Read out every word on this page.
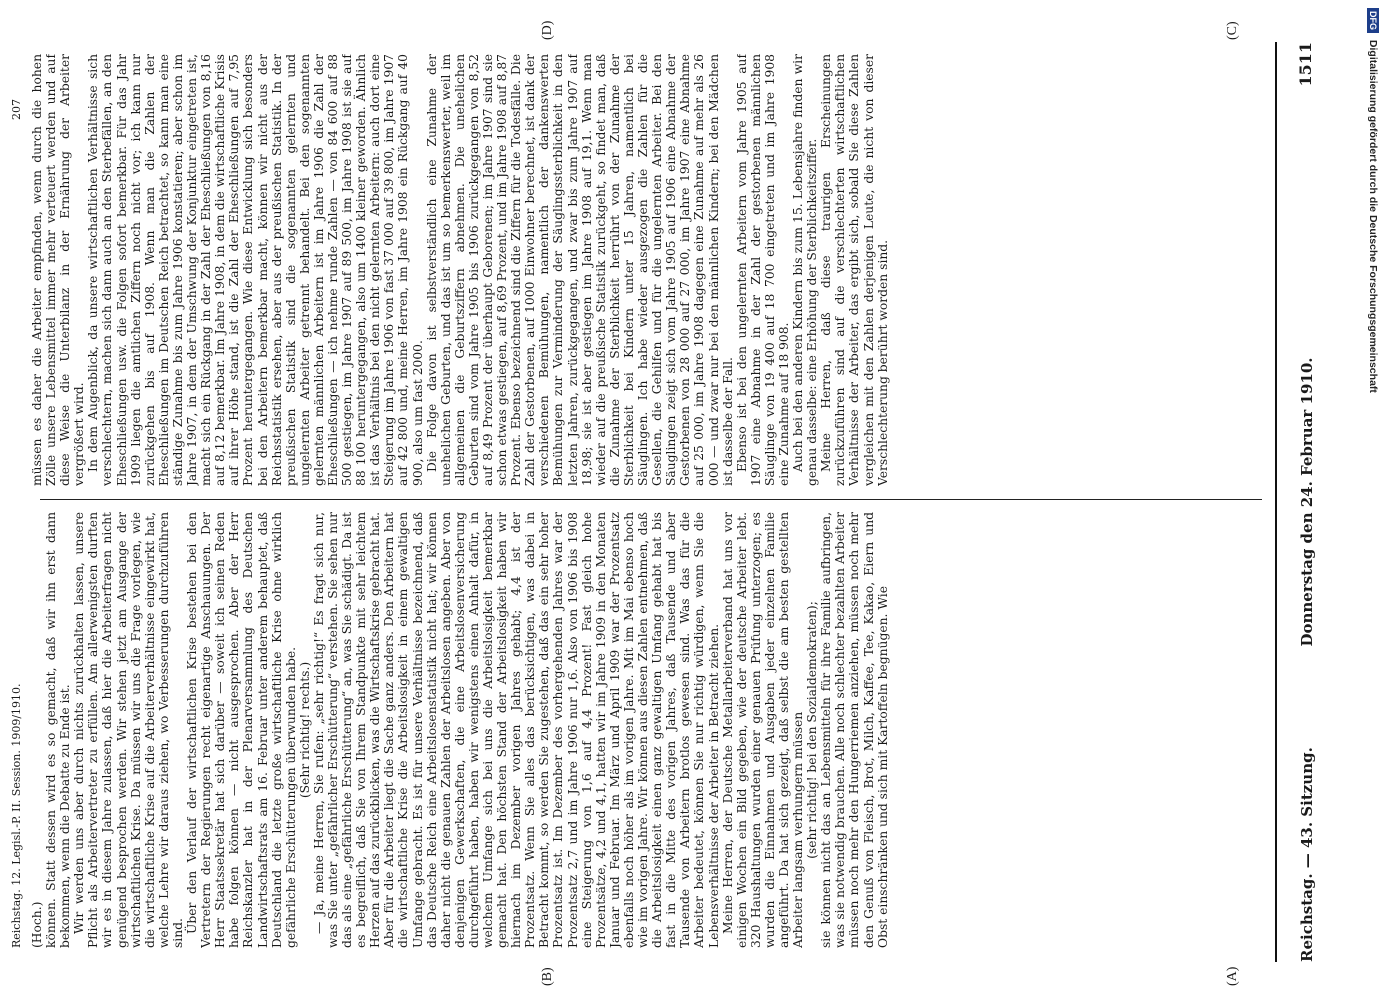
Reichstag. — 43. Sitzung.
Donnerstag den 24. Februar 1910.
1511

(Hoch.) können. Statt dessen wird es so gemacht, daß wir ihn erst dann bekommen, wenn die Debatte zu Ende ist. Wir werden uns aber durch nichts zurückhalten lassen, unsere Pflicht als Arbeitervertreter zu erfüllen. Am allerwenigsten durften wir es in diesem Jahre zulassen, daß hier die Arbeiterfragen nicht genügend besprochen werden. Wir stehen jetzt am Ausgange der wirtschaftlichen Krise. Da müssen wir uns die Frage vorlegen, wie die wirtschaftliche Krise auf die Arbeiterverhältnisse eingewirkt hat, welche Lehre wir daraus ziehen, wo Verbesserungen durchzuführen sind. Über den Verlauf der wirtschaftlichen Krise bestehen bei den Vertretern der Regierungen recht eigenartige Anschauungen. Der Herr Staatssekretär hat sich darüber — soweit ich seinen Reden habe folgen können — nicht ausgesprochen. Aber der Herr Reichskanzler hat in der Plenarversammlung des Deutschen Landwirtschaftsrats am 16. Februar unter anderem behauptet, daß Deutschland die letzte große wirtschaftliche Krise ohne wirklich gefährliche Erschütterungen überwunden habe. (Sehr richtig! rechts.) — Ja, meine Herren, Sie rufen: „sehr richtig!“ Es fragt sich nur, was Sie unter „gefährlicher Erschütterung“ verstehen. Sie sehen nur das als eine „gefährliche Erschütterung“ an, was Sie schädigt. Da ist es begreiflich, daß Sie von Ihrem Standpunkte mit sehr leichtem Herzen auf das zurückblicken, was die Wirtschaftskrise gebracht hat. Aber für die Arbeiter liegt die Sache ganz anders. Den Arbeitern hat die wirtschaftliche Krise die Arbeitslosigkeit in einem gewaltigen Umfange gebracht. Es ist für unsere Verhältnisse bezeichnend, daß das Deutsche Reich eine Arbeitslosenstatistik nicht hat; wir können daher nicht die genauen Zahlen der Arbeitslosen angeben. Aber von denjenigen Gewerkschaften, die eine Arbeitslosenversicherung durchgeführt haben, haben wir wenigstens einen Anhalt dafür, in welchem Umfange sich bei uns die Arbeitslosigkeit bemerkbar gemacht hat. Den höchsten Stand der Arbeitslosigkeit haben wir hiernach im Dezember vorigen Jahres gehabt; 4,4 ist der Prozentsatz. Wenn Sie alles das berücksichtigen, was dabei in Betracht kommt, so werden Sie zugestehen, daß das ein sehr hoher Prozentsatz ist. Im Dezember des vorhergehenden Jahres war der Prozentsatz 2,7 und im Jahre 1906 nur 1,6. Also von 1906 bis 1908 eine Steigerung von 1,6 auf 4,4 Prozent! Fast gleich hohe Prozentsätze, 4,2 und 4,1, hatten wir im Jahre 1909 in den Monaten Januar und Februar. Im März und April 1909 war der Prozentsatz ebenfalls noch höher als im vorigen Jahre. Mit im Mai ebenso hoch wie im vorigen Jahre. Wir können aus diesen Zahlen entnehmen, daß die Arbeitslosigkeit einen ganz gewaltigen Umfang gehabt hat bis fast in die Mitte des vorigen Jahres, daß Tausende und aber Tausende von Arbeitern brotlos gewesen sind. Was das für die Arbeiter bedeutet, können Sie nur richtig würdigen, wenn Sie die Lebensverhältnisse der Arbeiter in Betracht ziehen. Meine Herren, der Deutsche Metallarbeiterverband hat uns vor einigen Wochen ein Bild gegeben, wie der deutsche Arbeiter lebt. 320 Haushaltungen wurden einer genauen Prüfung unterzogen; es wurden die Einnahmen und Ausgaben jeder einzelnen Familie angeführt. Da hat sich gezeigt, daß selbst die am besten gestellten Arbeiter langsam verhungern müssen (sehr richtig! bei den Sozialdemokraten); sie können nicht das an Lebensmitteln für ihre Familie aufbringen, was sie notwendig brauchen. Alle noch schlechter bezahlten Arbeiter müssen noch mehr den Hungerriemen anziehen, müssen noch mehr den Genuß von Fleisch, Brot, Milch, Kaffee, Tee, Kakao, Eiern und Obst einschränken und sich mit Kartoffeln begnügen. Wie

müssen es daher die Arbeiter empfinden, wenn durch die hohen Zölle unsere Lebensmittel immer mehr verteuert werden und auf diese Weise die Unterbilanz in der Ernährung der Arbeiter vergrößert wird. In dem Augenblick, da unsere wirtschaftlichen Verhältnisse sich verschlechtern, machen sich dann auch an den Sterbefällen, an den Eheschließungen usw. die Folgen sofort bemerkbar. Für das Jahr 1909 liegen die amtlichen Ziffern noch nicht vor; ich kann nur zurückgehen bis auf 1908. Wenn man die Zahlen der Eheschließungen im Deutschen Reich betrachtet, so kann man eine ständige Zunahme bis zum Jahre 1906 konstatieren; aber schon im Jahre 1907, in dem der Umschwung der Konjunktur eingetreten ist, macht sich ein Rückgang in der Zahl der Eheschließungen von 8,16 auf 8,12 bemerkbar. Im Jahre 1908, in dem die wirtschaftliche Krisis auf ihrer Höhe stand, ist die Zahl der Eheschließungen auf 7,95 Prozent heruntergegangen. Wie diese Entwicklung sich besonders bei den Arbeitern bemerkbar macht, können wir nicht aus der Reichsstatistik ersehen, aber aus der preußischen Statistik. In der preußischen Statistik sind die sogenannten gelernten und ungelernten Arbeiter getrennt behandelt. Bei den sogenannten gelernten männlichen Arbeitern ist im Jahre 1906 die Zahl der Eheschließungen — ich nehme runde Zahlen — von 84 600 auf 88 500 gestiegen, im Jahre 1907 auf 89 500, im Jahre 1908 ist sie auf 88 100 heruntergegangen, also um 1400 kleiner geworden. Ähnlich ist das Verhältnis bei den nicht gelernten Arbeitern: auch dort eine Steigerung im Jahre 1906 von fast 37 000 auf 39 800, im Jahre 1907 auf 42 800 und, meine Herren, im Jahre 1908 ein Rückgang auf 40 900, also um fast 2000. Die Folge davon ist selbstverständlich eine Zunahme der unehelichen Geburten, und das ist um so bemerkenswerter, weil im allgemeinen die Geburtsziffern abnehmen. Die unehelichen Geburten sind vom Jahre 1905 bis 1906 zurückgegangen von 8,52 auf 8,49 Prozent der überhaupt Geborenen; im Jahre 1907 sind sie schon etwas gestiegen, auf 8,69 Prozent, und im Jahre 1908 auf 8,87 Prozent. Ebenso bezeichnend sind die Ziffern für die Todesfälle. Die Zahl der Gestorbenen, auf 1000 Einwohner berechnet, ist dank der verschiedenen Bemühungen, namentlich der dankenswerten Bemühungen zur Verminderung der Säuglingssterblichkeit in den letzten Jahren, zurückgegangen, und zwar bis zum Jahre 1907 auf 18,98; sie ist aber gestiegen im Jahre 1908 auf 19,1. Wenn man wieder auf die preußische Statistik zurückgeht, so findet man, daß die Zunahme der Sterblichkeit herrührt von der Zunahme der Sterblichkeit bei Kindern unter 15 Jahren, namentlich bei Säuglingen. Ich habe wieder ausgezogen die Zahlen für die Gesellen, die Gehilfen und für die ungelernten Arbeiter. Bei den Säuglingen zeigt sich vom Jahre 1905 auf 1906 eine Abnahme der Gestorbenen von 28 000 auf 27 000, im Jahre 1907 eine Abnahme auf 25 000, im Jahre 1908 dagegen eine Zunahme auf mehr als 26 000 — und zwar nur bei den männlichen Kindern; bei den Mädchen ist dasselbe der Fall. Ebenso ist bei den ungelernten Arbeitern vom Jahre 1905 auf 1907 eine Abnahme in der Zahl der gestorbenen männlichen Säuglinge von 19 400 auf 18 700 eingetreten und im Jahre 1908 eine Zunahme auf 18 908. Auch bei den anderen Kindern bis zum 15. Lebensjahre finden wir genau dasselbe: eine Erhöhung der Sterblichkeitsziffer. Meine Herren, daß diese traurigen Erscheinungen zurückzuführen sind auf die verschlechterten wirtschaftlichen Verhältnisse der Arbeiter, das ergibt sich, sobald Sie diese Zahlen vergleichen mit den Zahlen derjenigen Leute, die nicht von dieser Verschlechterung berührt worden sind.

(A)
(B)
(C)
(D)
Reichstag. 12. Legisl.-P. II. Session. 1909/1910.
207
DFG Digitalisierung gefördert durch die Deutsche Forschungsgemeinschaft
